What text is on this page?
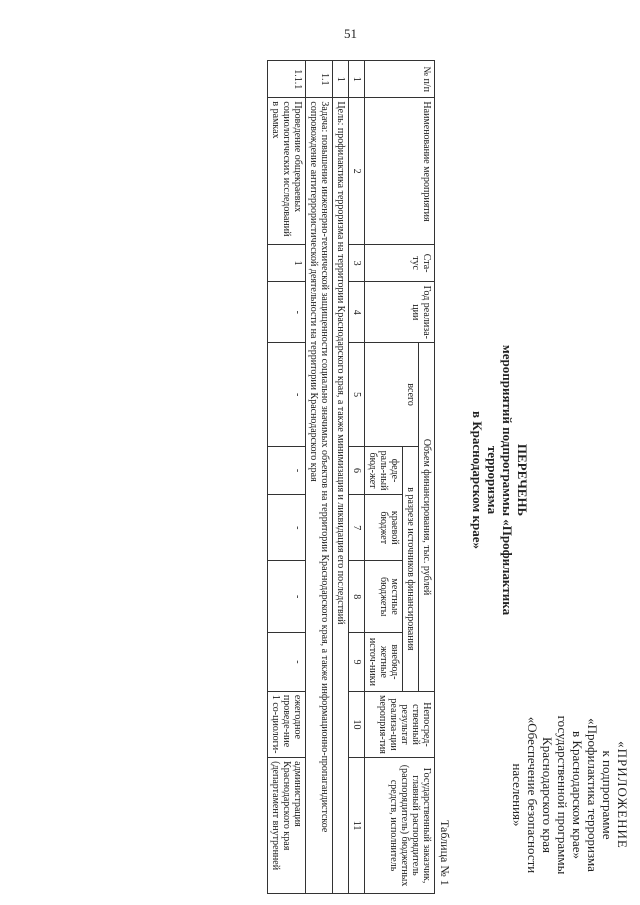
51
«ПРИЛОЖЕНИЕ
к подпрограмме
«Профилактика терроризма
в Краснодарском крае»
государственной программы
Краснодарского края
«Обеспечение безопасности населения»
ПЕРЕЧЕНЬ
мероприятий подпрограммы «Профилактика терроризма
в Краснодарском крае»
Таблица № 1
№ п/п	Наименование мероприятия	Ста-тус	Год реализа-ции	Объем финансирования, тыс. рублей					Непосред-ственный результат реализа-ции мероприя-тия	Государственный заказчик, главный распорядитель (распорядитель) бюджетных средств, исполнитель
				всего	в разрезе источников финансирования					
					феде-раль-ный бюд-жет	краевой бюджет	местные бюджеты	внебюд-жетные источ-ники		
1	2	3	4	5	6	7	8	9	10	11
1	Цель: профилактика терроризма на территории Краснодарского края, а также минимизация и ликвидация его последствий									
1.1	Задача: повышение инженерно-технической защищенности социально значимых объектов на территории Краснодарского края, а также информационно-пропагандистское сопровождение антитеррористической деятельности на территории Краснодарского края									
1.1.1	Проведение общекраевых социологических исследований в рамках	1	-	-	-	-	-	-	ежегодное проведе-ние 1 со-циологи-	администрация Краснодарского края (департамент внутренней
